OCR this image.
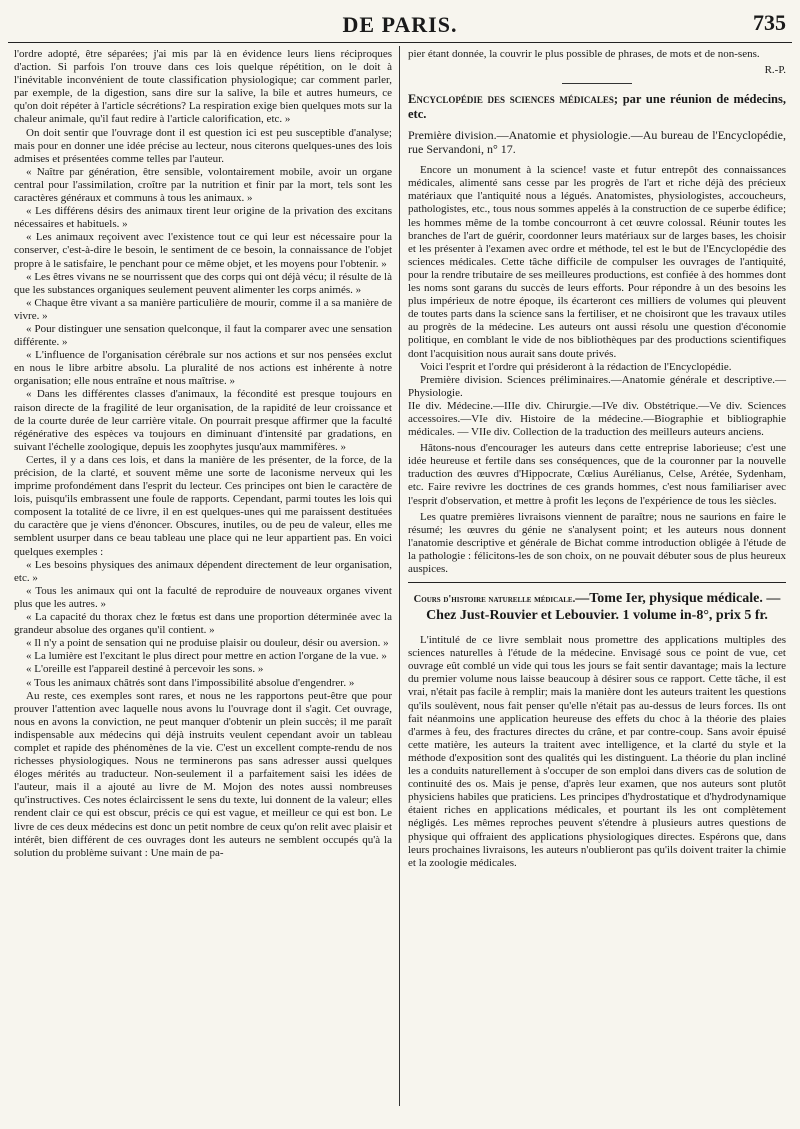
DE PARIS.	735

l'ordre adopté, être séparées; j'ai mis par là en évidence leurs liens réciproques d'action. Si parfois l'on trouve dans ces lois quelque répétition, on le doit à l'inévitable inconvénient de toute classification physiologique; car comment parler, par exemple, de la digestion, sans dire sur la salive, la bile et autres humeurs, ce qu'on doit répéter à l'article sécrétions? La respiration exige bien quelques mots sur la chaleur animale, qu'il faut redire à l'article calorification, etc. »

On doit sentir que l'ouvrage dont il est question ici est peu susceptible d'analyse; mais pour en donner une idée précise au lecteur, nous citerons quelques-unes des lois admises et présentées comme telles par l'auteur.

« Naître par génération, être sensible, volontairement mobile, avoir un organe central pour l'assimilation, croître par la nutrition et finir par la mort, tels sont les caractères généraux et communs à tous les animaux. »

« Les différens désirs des animaux tirent leur origine de la privation des excitans nécessaires et habituels. »

« Les animaux reçoivent avec l'existence tout ce qui leur est nécessaire pour la conserver, c'est-à-dire le besoin, le sentiment de ce besoin, la connaissance de l'objet propre à le satisfaire, le penchant pour ce même objet, et les moyens pour l'obtenir. »

« Les êtres vivans ne se nourrissent que des corps qui ont déjà vécu; il résulte de là que les substances organiques seulement peuvent alimenter les corps animés. »

« Chaque être vivant a sa manière particulière de mourir, comme il a sa manière de vivre. »

« Pour distinguer une sensation quelconque, il faut la comparer avec une sensation différente. »

« L'influence de l'organisation cérébrale sur nos actions et sur nos pensées exclut en nous le libre arbitre absolu. La pluralité de nos actions est inhérente à notre organisation; elle nous entraîne et nous maîtrise. »

« Dans les différentes classes d'animaux, la fécondité est presque toujours en raison directe de la fragilité de leur organisation, de la rapidité de leur croissance et de la courte durée de leur carrière vitale. On pourrait presque affirmer que la faculté régénérative des espèces va toujours en diminuant d'intensité par gradations, en suivant l'échelle zoologique, depuis les zoophytes jusqu'aux mammifères. »

Certes, il y a dans ces lois, et dans la manière de les présenter, de la force, de la précision, de la clarté, et souvent même une sorte de laconisme nerveux qui les imprime profondément dans l'esprit du lecteur. Ces principes ont bien le caractère de lois, puisqu'ils embrassent une foule de rapports. Cependant, parmi toutes les lois qui composent la totalité de ce livre, il en est quelques-unes qui me paraissent destituées du caractère que je viens d'énoncer. Obscures, inutiles, ou de peu de valeur, elles me semblent usurper dans ce beau tableau une place qui ne leur appartient pas. En voici quelques exemples :

« Les besoins physiques des animaux dépendent directement de leur organisation, etc. »

« Tous les animaux qui ont la faculté de reproduire de nouveaux organes vivent plus que les autres. »

« La capacité du thorax chez le fœtus est dans une proportion déterminée avec la grandeur absolue des organes qu'il contient. »

« Il n'y a point de sensation qui ne produise plaisir ou douleur, désir ou aversion. »

« La lumière est l'excitant le plus direct pour mettre en action l'organe de la vue. »

« L'oreille est l'appareil destiné à percevoir les sons. »

« Tous les animaux châtrés sont dans l'impossibilité absolue d'engendrer. »

Au reste, ces exemples sont rares, et nous ne les rapportons peut-être que pour prouver l'attention avec laquelle nous avons lu l'ouvrage dont il s'agit. Cet ouvrage, nous en avons la conviction, ne peut manquer d'obtenir un plein succès; il me paraît indispensable aux médecins qui déjà instruits veulent cependant avoir un tableau complet et rapide des phénomènes de la vie. C'est un excellent compte-rendu de nos richesses physiologiques. Nous ne terminerons pas sans adresser aussi quelques éloges mérités au traducteur. Non-seulement il a parfaitement saisi les idées de l'auteur, mais il a ajouté au livre de M. Mojon des notes aussi nombreuses qu'instructives. Ces notes éclaircissent le sens du texte, lui donnent de la valeur; elles rendent clair ce qui est obscur, précis ce qui est vague, et meilleur ce qui est bon. Le livre de ces deux médecins est donc un petit nombre de ceux qu'on relit avec plaisir et intérêt, bien différent de ces ouvrages dont les auteurs ne semblent occupés qu'à la solution du problème suivant : Une main de pa-

pier étant donnée, la couvrir le plus possible de phrases, de mots et de non-sens.

R.-P.

Encyclopédie des sciences médicales; par une réunion de médecins, etc.

Première division.—Anatomie et physiologie.—Au bureau de l'Encyclopédie, rue Servandoni, n° 17.

Encore un monument à la science! vaste et futur entrepôt des connaissances médicales, alimenté sans cesse par les progrès de l'art et riche déjà des précieux matériaux que l'antiquité nous a légués. Anatomistes, physiologistes, accoucheurs, pathologistes, etc., tous nous sommes appelés à la construction de ce superbe édifice; les hommes même de la tombe concourront à cet œuvre colossal. Réunir toutes les branches de l'art de guérir, coordonner leurs matériaux sur de larges bases, les choisir et les présenter à l'examen avec ordre et méthode, tel est le but de l'Encyclopédie des sciences médicales. Cette tâche difficile de compulser les ouvrages de l'antiquité, pour la rendre tributaire de ses meilleures productions, est confiée à des hommes dont les noms sont garans du succès de leurs efforts. Pour répondre à un des besoins les plus impérieux de notre époque, ils écarteront ces milliers de volumes qui pleuvent de toutes parts dans la science sans la fertiliser, et ne choisiront que les travaux utiles au progrès de la médecine. Les auteurs ont aussi résolu une question d'économie politique, en comblant le vide de nos bibliothèques par des productions scientifiques dont l'acquisition nous aurait sans doute privés.

Voici l'esprit et l'ordre qui présideront à la rédaction de l'Encyclopédie.

Première division. Sciences préliminaires.—Anatomie générale et descriptive.—Physiologie.

IIe div. Médecine.—IIIe div. Chirurgie.—IVe div. Obstétrique.—Ve div. Sciences accessoires.—VIe div. Histoire de la médecine.—Biographie et bibliographie médicales. — VIIe div. Collection de la traduction des meilleurs auteurs anciens.

Hâtons-nous d'encourager les auteurs dans cette entreprise laborieuse; c'est une idée heureuse et fertile dans ses conséquences, que de la couronner par la nouvelle traduction des œuvres d'Hippocrate, Cœlius Aurélianus, Celse, Arétée, Sydenham, etc. Faire revivre les doctrines de ces grands hommes, c'est nous familiariser avec l'esprit d'observation, et mettre à profit les leçons de l'expérience de tous les siècles.

Les quatre premières livraisons viennent de paraître; nous ne saurions en faire le résumé; les œuvres du génie ne s'analysent point; et les auteurs nous donnent l'anatomie descriptive et générale de Bichat comme introduction obligée à l'étude de la pathologie : félicitons-les de son choix, on ne pouvait débuter sous de plus heureux auspices.

Cours d'histoire naturelle médicale.—Tome Ier, physique médicale. — Chez Just-Rouvier et Lebouvier. 1 volume in-8°, prix 5 fr.

L'intitulé de ce livre semblait nous promettre des applications multiples des sciences naturelles à l'étude de la médecine. Envisagé sous ce point de vue, cet ouvrage eût comblé un vide qui tous les jours se fait sentir davantage; mais la lecture du premier volume nous laisse beaucoup à désirer sous ce rapport. Cette tâche, il est vrai, n'était pas facile à remplir; mais la manière dont les auteurs traitent les questions qu'ils soulèvent, nous fait penser qu'elle n'était pas au-dessus de leurs forces. Ils ont fait néanmoins une application heureuse des effets du choc à la théorie des plaies d'armes à feu, des fractures directes du crâne, et par contre-coup. Sans avoir épuisé cette matière, les auteurs la traitent avec intelligence, et la clarté du style et la méthode d'exposition sont des qualités qui les distinguent. La théorie du plan incliné les a conduits naturellement à s'occuper de son emploi dans divers cas de solution de continuité des os. Mais je pense, d'après leur examen, que nos auteurs sont plutôt physiciens habiles que praticiens. Les principes d'hydrostatique et d'hydrodynamique étaient riches en applications médicales, et pourtant ils les ont complètement négligés. Les mêmes reproches peuvent s'étendre à plusieurs autres questions de physique qui offraient des applications physiologiques directes. Espérons que, dans leurs prochaines livraisons, les auteurs n'oublieront pas qu'ils doivent traiter la chimie et la zoologie médicales.
